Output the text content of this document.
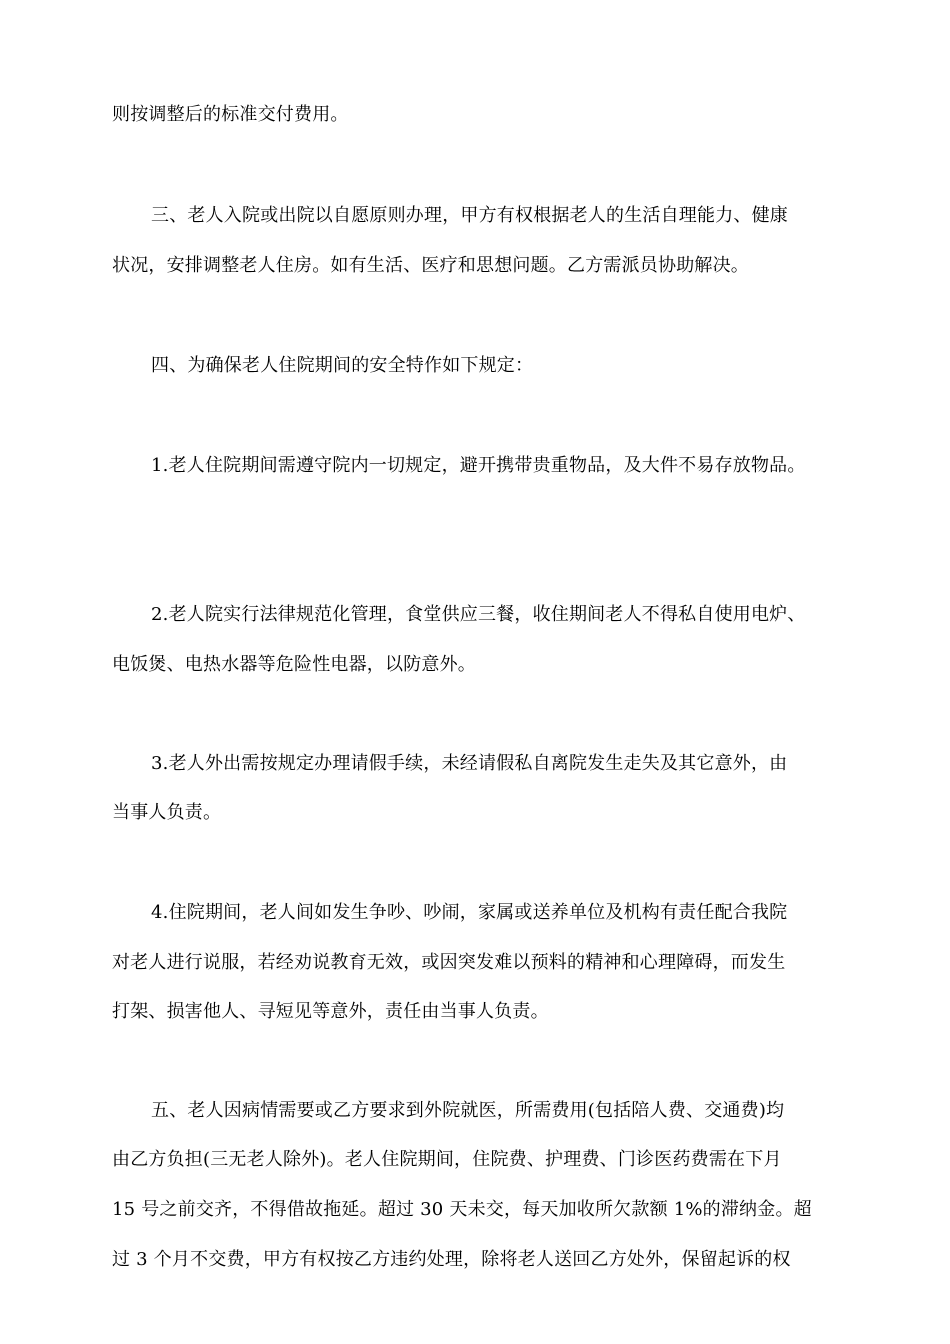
则按调整后的标准交付费用。
三、老人入院或出院以自愿原则办理，甲方有权根据老人的生活自理能力、健康
状况，安排调整老人住房。如有生活、医疗和思想问题。乙方需派员协助解决。
四、为确保老人住院期间的安全特作如下规定：
1.老人住院期间需遵守院内一切规定，避开携带贵重物品，及大件不易存放物品。
2.老人院实行法律规范化管理，食堂供应三餐，收住期间老人不得私自使用电炉、
电饭煲、电热水器等危险性电器，以防意外。
3.老人外出需按规定办理请假手续，未经请假私自离院发生走失及其它意外，由
当事人负责。
4.住院期间，老人间如发生争吵、吵闹，家属或送养单位及机构有责任配合我院
对老人进行说服，若经劝说教育无效，或因突发难以预料的精神和心理障碍，而发生
打架、损害他人、寻短见等意外，责任由当事人负责。
五、老人因病情需要或乙方要求到外院就医，所需费用(包括陪人费、交通费)均
由乙方负担(三无老人除外)。老人住院期间，住院费、护理费、门诊医药费需在下月
15 号之前交齐，不得借故拖延。超过 30 天未交，每天加收所欠款额 1%的滞纳金。超
过 3 个月不交费，甲方有权按乙方违约处理，除将老人送回乙方处外，保留起诉的权
